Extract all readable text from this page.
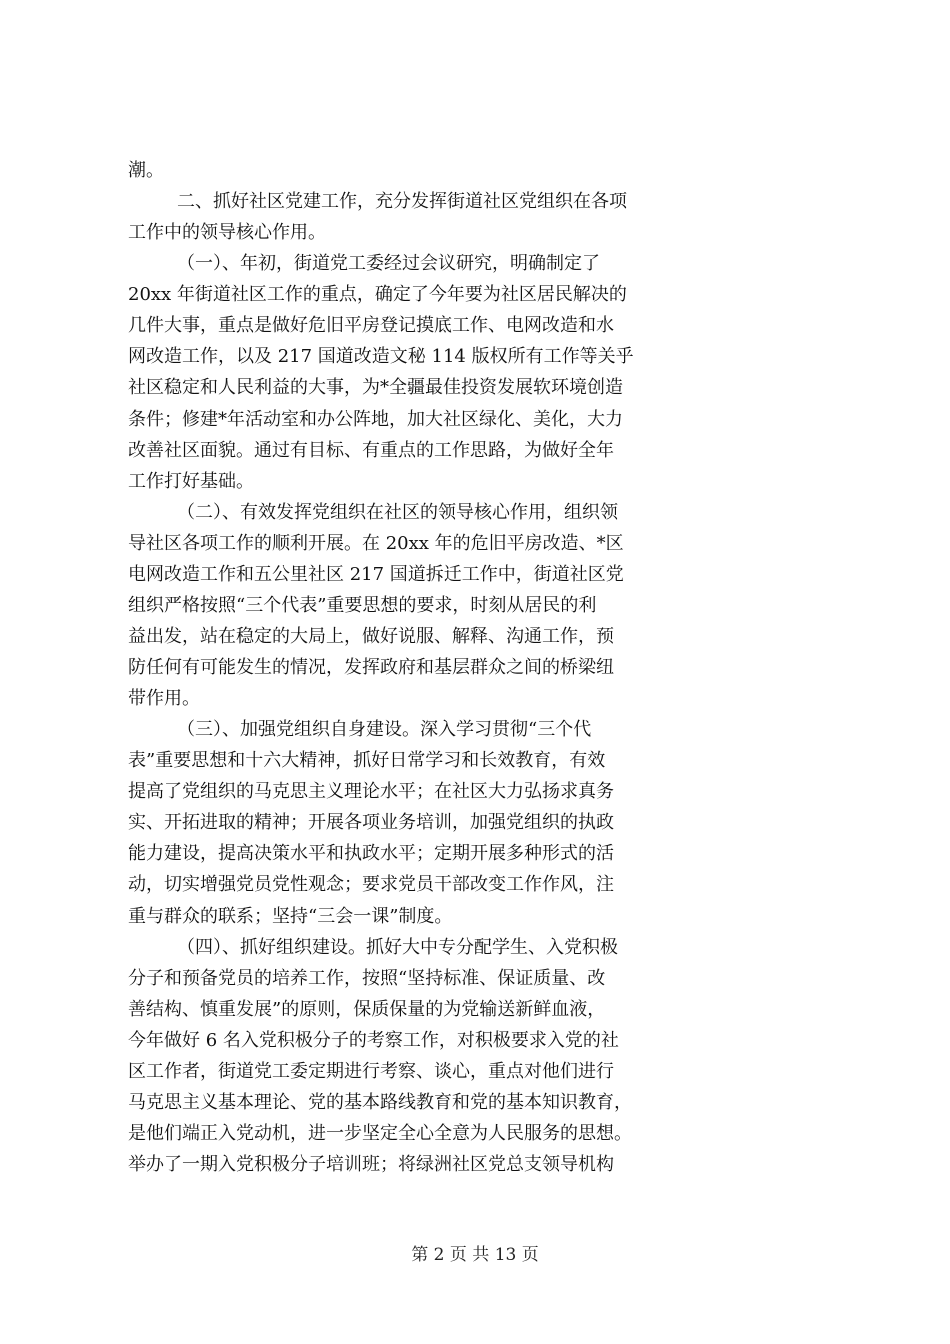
潮。
二、抓好社区党建工作，充分发挥街道社区党组织在各项
工作中的领导核心作用。
（一）、年初，街道党工委经过会议研究，明确制定了
20xx 年街道社区工作的重点，确定了今年要为社区居民解决的
几件大事，重点是做好危旧平房登记摸底工作、电网改造和水
网改造工作，以及 217 国道改造文秘 114 版权所有工作等关乎
社区稳定和人民利益的大事，为*全疆最佳投资发展软环境创造
条件；修建*年活动室和办公阵地，加大社区绿化、美化，大力
改善社区面貌。通过有目标、有重点的工作思路，为做好全年
工作打好基础。
（二）、有效发挥党组织在社区的领导核心作用，组织领
导社区各项工作的顺利开展。在 20xx 年的危旧平房改造、*区
电网改造工作和五公里社区 217 国道拆迁工作中，街道社区党
组织严格按照“三个代表”重要思想的要求，时刻从居民的利
益出发，站在稳定的大局上，做好说服、解释、沟通工作，预
防任何有可能发生的情况，发挥政府和基层群众之间的桥梁纽
带作用。
（三）、加强党组织自身建设。深入学习贯彻“三个代
表”重要思想和十六大精神，抓好日常学习和长效教育，有效
提高了党组织的马克思主义理论水平；在社区大力弘扬求真务
实、开拓进取的精神；开展各项业务培训，加强党组织的执政
能力建设，提高决策水平和执政水平；定期开展多种形式的活
动，切实增强党员党性观念；要求党员干部改变工作作风，注
重与群众的联系；坚持“三会一课”制度。
（四）、抓好组织建设。抓好大中专分配学生、入党积极
分子和预备党员的培养工作，按照“坚持标准、保证质量、改
善结构、慎重发展”的原则，保质保量的为党输送新鲜血液，
今年做好 6 名入党积极分子的考察工作，对积极要求入党的社
区工作者，街道党工委定期进行考察、谈心，重点对他们进行
马克思主义基本理论、党的基本路线教育和党的基本知识教育，
是他们端正入党动机，进一步坚定全心全意为人民服务的思想。
举办了一期入党积极分子培训班；将绿洲社区党总支领导机构
第 2 页 共 13 页
